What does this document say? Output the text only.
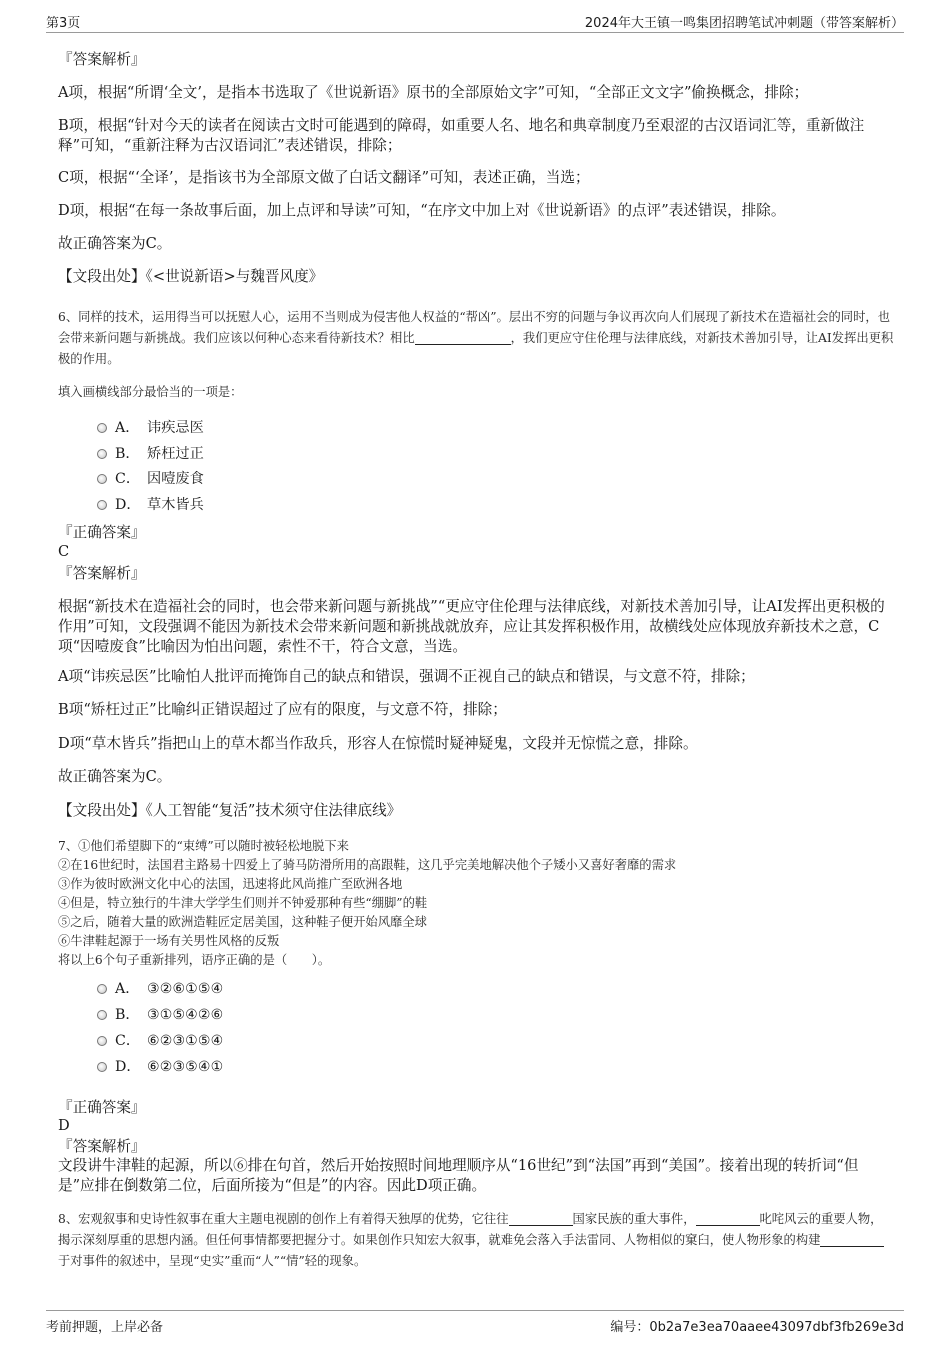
第3页	2024年大王镇一鸣集团招聘笔试冲刺题（带答案解析）

『答案解析』

A项，根据“所谓‘全文’，是指本书选取了《世说新语》原书的全部原始文字”可知，“全部正文文字”偷换概念，排除；

B项，根据“针对今天的读者在阅读古文时可能遇到的障碍，如重要人名、地名和典章制度乃至艰涩的古汉语词汇等，重新做注释”可知，“重新注释为古汉语词汇”表述错误，排除；

C项，根据“‘全译’，是指该书为全部原文做了白话文翻译”可知，表述正确，当选；

D项，根据“在每一条故事后面，加上点评和导读”可知，“在序文中加上对《世说新语》的点评”表述错误，排除。

故正确答案为C。

【文段出处】《<世说新语>与魏晋风度》

6、同样的技术，运用得当可以抚慰人心，运用不当则成为侵害他人权益的“帮凶”。层出不穷的问题与争议再次向人们展现了新技术在造福社会的同时，也会带来新问题与新挑战。我们应该以何种心态来看待新技术？相比	，我们更应守住伦理与法律底线，对新技术善加引导，让AI发挥出更积极的作用。

填入画横线部分最恰当的一项是：

A． 讳疾忌医
B． 矫枉过正
C． 因噎废食
D． 草木皆兵

『正确答案』

C

『答案解析』

根据“新技术在造福社会的同时，也会带来新问题与新挑战”“更应守住伦理与法律底线，对新技术善加引导，让AI发挥出更积极的作用”可知，文段强调不能因为新技术会带来新问题和新挑战就放弃，应让其发挥积极作用，故横线处应体现放弃新技术之意，C项“因噎废食”比喻因为怕出问题，索性不干，符合文意，当选。

A项“讳疾忌医”比喻怕人批评而掩饰自己的缺点和错误，强调不正视自己的缺点和错误，与文意不符，排除；

B项“矫枉过正”比喻纠正错误超过了应有的限度，与文意不符，排除；

D项“草木皆兵”指把山上的草木都当作敌兵，形容人在惊慌时疑神疑鬼，文段并无惊慌之意，排除。

故正确答案为C。

【文段出处】《人工智能“复活”技术须守住法律底线》

7、①他们希望脚下的“束缚”可以随时被轻松地脱下来

②在16世纪时，法国君主路易十四爱上了骑马防滑所用的高跟鞋，这几乎完美地解决他个子矮小又喜好奢靡的需求

③作为彼时欧洲文化中心的法国，迅速将此风尚推广至欧洲各地

④但是，特立独行的牛津大学学生们则并不钟爱那种有些“绷脚”的鞋

⑤之后，随着大量的欧洲造鞋匠定居美国，这种鞋子便开始风靡全球

⑥牛津鞋起源于一场有关男性风格的反叛

将以上6个句子重新排列，语序正确的是（　　）。

A． ③②⑥①⑤④
B． ③①⑤④②⑥
C． ⑥②③①⑤④
D． ⑥②③⑤④①

『正确答案』

D

『答案解析』

文段讲牛津鞋的起源，所以⑥排在句首，然后开始按照时间地理顺序从“16世纪”到“法国”再到“美国”。接着出现的转折词“但是”应排在倒数第二位，后面所接为“但是”的内容。因此D项正确。

8、宏观叙事和史诗性叙事在重大主题电视剧的创作上有着得天独厚的优势，它往往	国家民族的重大事件，	叱咤风云的重要人物，揭示深刻厚重的思想内涵。但任何事情都要把握分寸。如果创作只知宏大叙事，就难免会落入手法雷同、人物相似的窠臼，使人物形象的构建于对事件的叙述中，呈现“史实”重而“人”“情”轻的现象。

考前押题，上岸必备	编号：0b2a7e3ea70aaee43097dbf3fb269e3d
